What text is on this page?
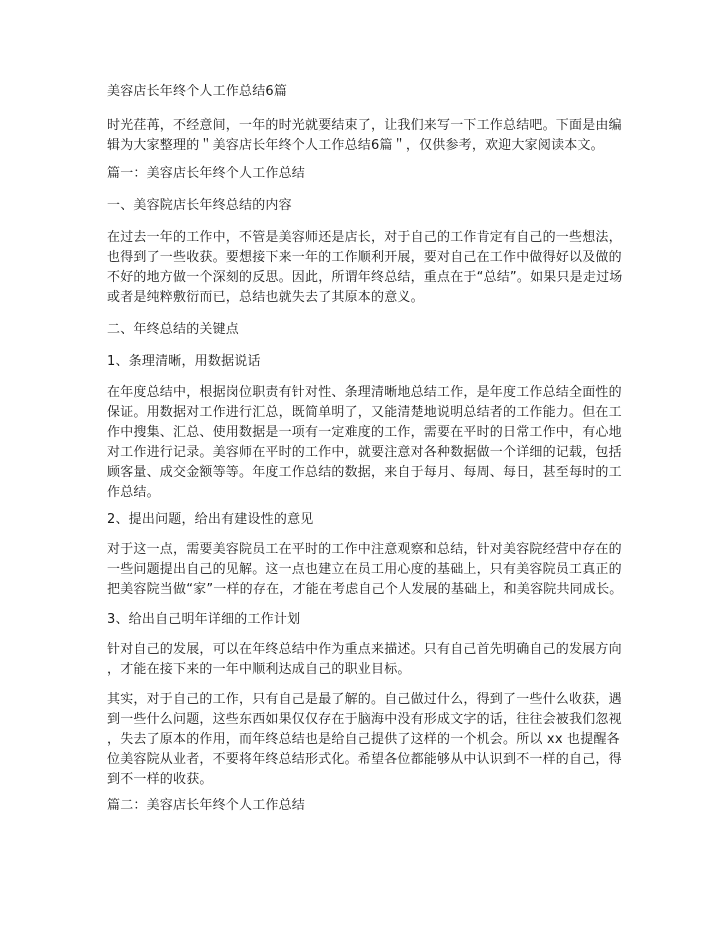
美容店长年终个人工作总结6篇
时光荏苒，不经意间，一年的时光就要结束了，让我们来写一下工作总结吧。下面是由编
辑为大家整理的＂美容店长年终个人工作总结6篇＂，仅供参考，欢迎大家阅读本文。
篇一：美容店长年终个人工作总结
一、美容院店长年终总结的内容
在过去一年的工作中，不管是美容师还是店长，对于自己的工作肯定有自己的一些想法，
也得到了一些收获。要想接下来一年的工作顺利开展，要对自己在工作中做得好以及做的
不好的地方做一个深刻的反思。因此，所谓年终总结，重点在于“总结”。如果只是走过场
或者是纯粹敷衍而已，总结也就失去了其原本的意义。
二、年终总结的关键点
1、条理清晰，用数据说话
在年度总结中，根据岗位职责有针对性、条理清晰地总结工作，是年度工作总结全面性的
保证。用数据对工作进行汇总，既简单明了，又能清楚地说明总结者的工作能力。但在工
作中搜集、汇总、使用数据是一项有一定难度的工作，需要在平时的日常工作中，有心地
对工作进行记录。美容师在平时的工作中，就要注意对各种数据做一个详细的记载，包括
顾客量、成交金额等等。年度工作总结的数据，来自于每月、每周、每日，甚至每时的工
作总结。
2、提出问题，给出有建设性的意见
对于这一点，需要美容院员工在平时的工作中注意观察和总结，针对美容院经营中存在的
一些问题提出自己的见解。这一点也建立在员工用心度的基础上，只有美容院员工真正的
把美容院当做“家”一样的存在，才能在考虑自己个人发展的基础上，和美容院共同成长。
3、给出自己明年详细的工作计划
针对自己的发展，可以在年终总结中作为重点来描述。只有自己首先明确自己的发展方向
，才能在接下来的一年中顺利达成自己的职业目标。
其实，对于自己的工作，只有自己是最了解的。自己做过什么，得到了一些什么收获，遇
到一些什么问题，这些东西如果仅仅存在于脑海中没有形成文字的话，往往会被我们忽视
，失去了原本的作用，而年终总结也是给自己提供了这样的一个机会。所以 xx 也提醒各
位美容院从业者，不要将年终总结形式化。希望各位都能够从中认识到不一样的自己，得
到不一样的收获。
篇二：美容店长年终个人工作总结
